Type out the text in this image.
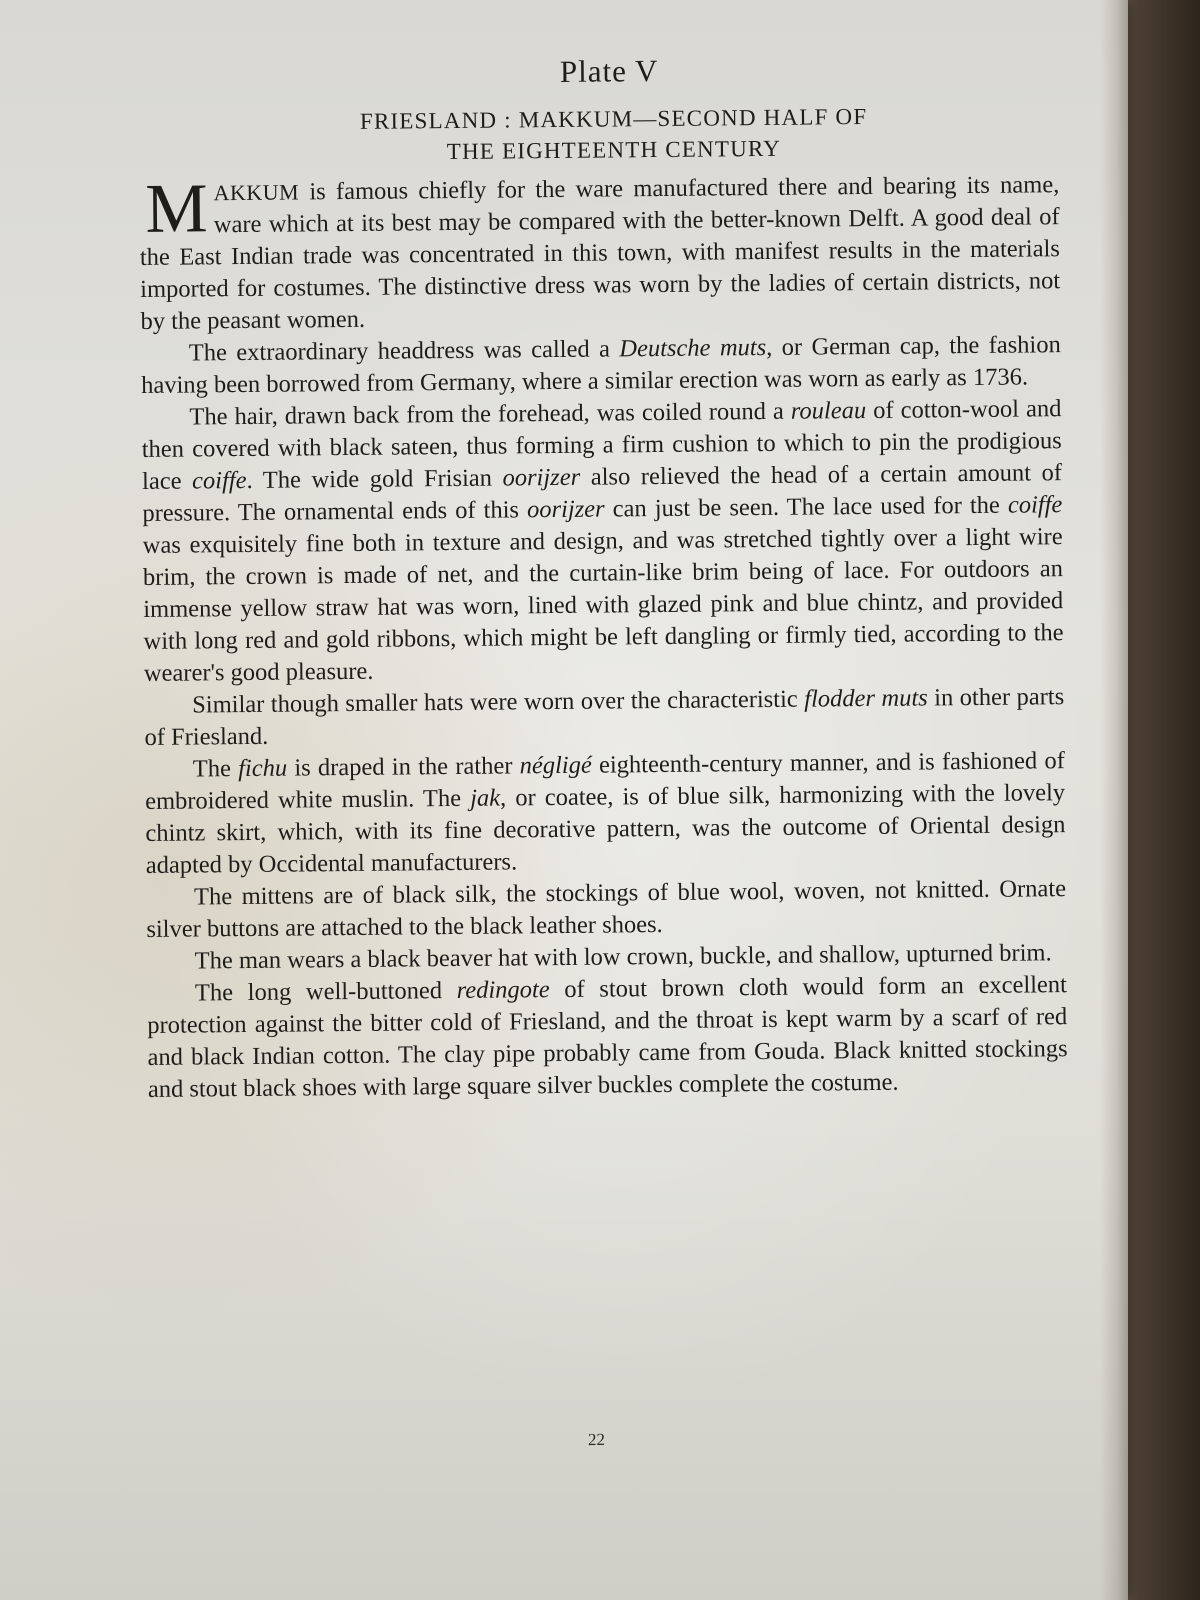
Plate V
FRIESLAND : MAKKUM—SECOND HALF OF
THE EIGHTEENTH CENTURY

MAKKUM is famous chiefly for the ware manufactured there and bearing its name, ware which at its best may be compared with the better-known Delft. A good deal of the East Indian trade was concentrated in this town, with manifest results in the materials imported for costumes. The distinctive dress was worn by the ladies of certain districts, not by the peasant women.

The extraordinary headdress was called a Deutsche muts, or German cap, the fashion having been borrowed from Germany, where a similar erection was worn as early as 1736.

The hair, drawn back from the forehead, was coiled round a rouleau of cotton-wool and then covered with black sateen, thus forming a firm cushion to which to pin the prodigious lace coiffe. The wide gold Frisian oorijzer also relieved the head of a certain amount of pressure. The ornamental ends of this oorijzer can just be seen. The lace used for the coiffe was exquisitely fine both in texture and design, and was stretched tightly over a light wire brim, the crown is made of net, and the curtain-like brim being of lace. For outdoors an immense yellow straw hat was worn, lined with glazed pink and blue chintz, and provided with long red and gold ribbons, which might be left dangling or firmly tied, according to the wearer's good pleasure.

Similar though smaller hats were worn over the characteristic flodder muts in other parts of Friesland.

The fichu is draped in the rather négligé eighteenth-century manner, and is fashioned of embroidered white muslin. The jak, or coatee, is of blue silk, harmonizing with the lovely chintz skirt, which, with its fine decorative pattern, was the outcome of Oriental design adapted by Occidental manufacturers.

The mittens are of black silk, the stockings of blue wool, woven, not knitted. Ornate silver buttons are attached to the black leather shoes.

The man wears a black beaver hat with low crown, buckle, and shallow, upturned brim.

The long well-buttoned redingote of stout brown cloth would form an excellent protection against the bitter cold of Friesland, and the throat is kept warm by a scarf of red and black Indian cotton. The clay pipe probably came from Gouda. Black knitted stockings and stout black shoes with large square silver buckles complete the costume.

22
